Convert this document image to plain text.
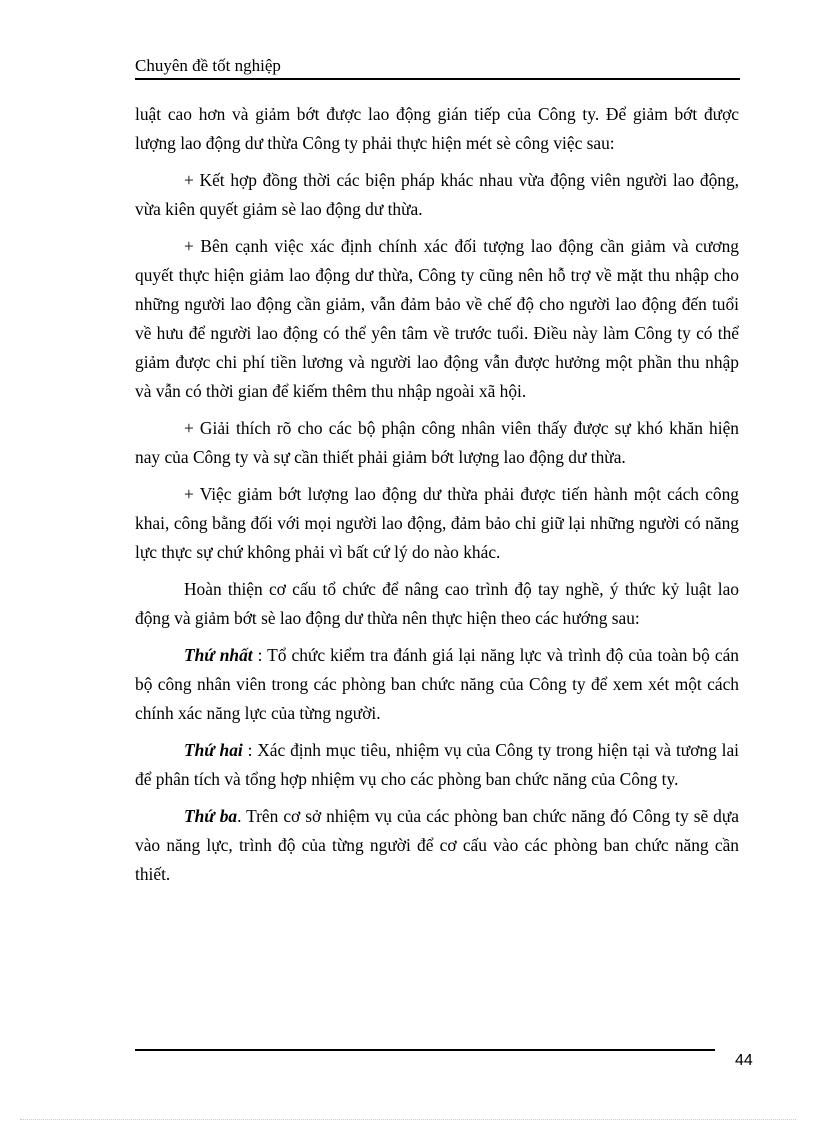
Chuyên đề tốt nghiệp

luật cao hơn và giảm bớt được lao động gián tiếp của Công ty. Để giảm bớt được lượng lao động dư thừa Công ty phải thực hiện mét sè công việc sau:

+ Kết hợp đồng thời các biện pháp khác nhau vừa động viên người lao động, vừa kiên quyết giảm sè lao động dư thừa.

+ Bên cạnh việc xác định chính xác đối tượng lao động cần giảm và cương quyết thực hiện giảm lao động dư thừa, Công ty cũng nên hỗ trợ về mặt thu nhập cho những người lao động cần giảm, vẫn đảm bảo về chế độ cho người lao động đến tuổi về hưu để người lao động có thể yên tâm về trước tuổi. Điều này làm Công ty có thể giảm được chi phí tiền lương và người lao động vẫn được hưởng một phần thu nhập và vẫn có thời gian để kiếm thêm thu nhập ngoài xã hội.

+ Giải thích rõ cho các bộ phận công nhân viên thấy được sự khó khăn hiện nay của Công ty và sự cần thiết phải giảm bớt lượng lao động dư thừa.

+ Việc giảm bớt lượng lao động dư thừa phải được tiến hành một cách công khai, công bằng đối với mọi người lao động, đảm bảo chỉ giữ lại những người có năng lực thực sự chứ không phải vì bất cứ lý do nào khác.

Hoàn thiện cơ cấu tổ chức để nâng cao trình độ tay nghề, ý thức kỷ luật lao động và giảm bớt sè lao động dư thừa nên thực hiện theo các hướng sau:

Thứ nhất : Tổ chức kiểm tra đánh giá lại năng lực và trình độ của toàn bộ cán bộ công nhân viên trong các phòng ban chức năng của Công ty để xem xét một cách chính xác năng lực của từng người.

Thứ hai : Xác định mục tiêu, nhiệm vụ của Công ty trong hiện tại và tương lai để phân tích và tổng hợp nhiệm vụ cho các phòng ban chức năng của Công ty.

Thứ ba. Trên cơ sở nhiệm vụ của các phòng ban chức năng đó Công ty sẽ dựa vào năng lực, trình độ của từng người để cơ cấu vào các phòng ban chức năng cần thiết.

44
